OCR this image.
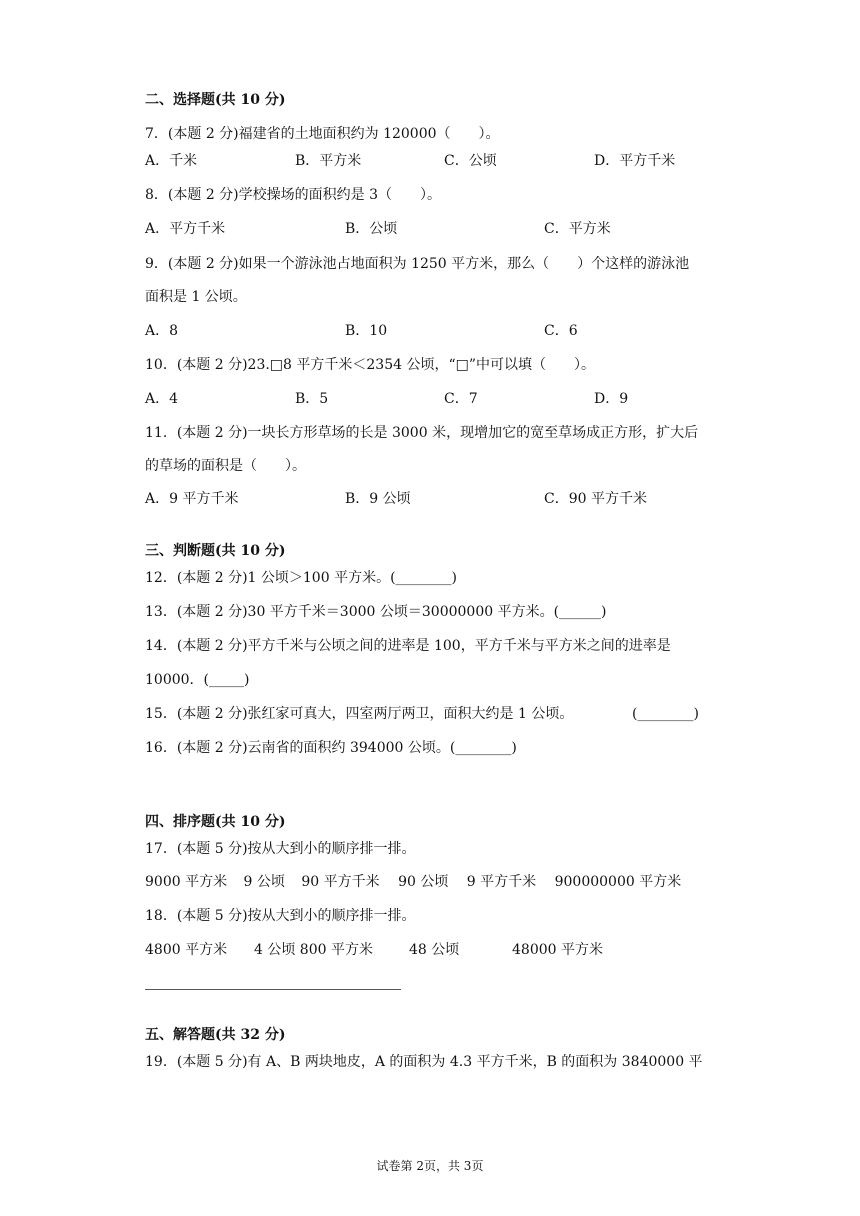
二、选择题(共 10 分)
7．(本题 2 分)福建省的土地面积约为 120000（　　）。
A．千米	B．平方米	C．公顷	D．平方千米
8．(本题 2 分)学校操场的面积约是 3（　　）。
A．平方千米	B．公顷	C．平方米
9．(本题 2 分)如果一个游泳池占地面积为 1250 平方米，那么（　　）个这样的游泳池
面积是 1 公顷。
A．8	B．10	C．6
10．(本题 2 分)23.□8 平方千米＜2354 公顷，“□”中可以填（　　）。
A．4	B．5	C．7	D．9
11．(本题 2 分)一块长方形草场的长是 3000 米，现增加它的宽至草场成正方形，扩大后
的草场的面积是（　　）。
A．9 平方千米	B．9 公顷	C．90 平方千米
三、判断题(共 10 分)
12．(本题 2 分)1 公顷＞100 平方米。(________)
13．(本题 2 分)30 平方千米＝3000 公顷＝30000000 平方米。(______)
14．(本题 2 分)平方千米与公顷之间的进率是 100，平方千米与平方米之间的进率是
10000．(_____)
15．(本题 2 分)张红家可真大，四室两厅两卫，面积大约是 1 公顷。	(________)
16．(本题 2 分)云南省的面积约 394000 公顷。(________)
四、排序题(共 10 分)
17．(本题 5 分)按从大到小的顺序排一排。
9000 平方米 9 公顷 90 平方千米 90 公顷 9 平方千米 900000000 平方米
18．(本题 5 分)按从大到小的顺序排一排。
4800 平方米 4 公顷 800 平方米	48 公顷	48000 平方米
五、解答题(共 32 分)
19．(本题 5 分)有 A、B 两块地皮，A 的面积为 4.3 平方千米，B 的面积为 3840000 平
试卷第 2页，共 3页
